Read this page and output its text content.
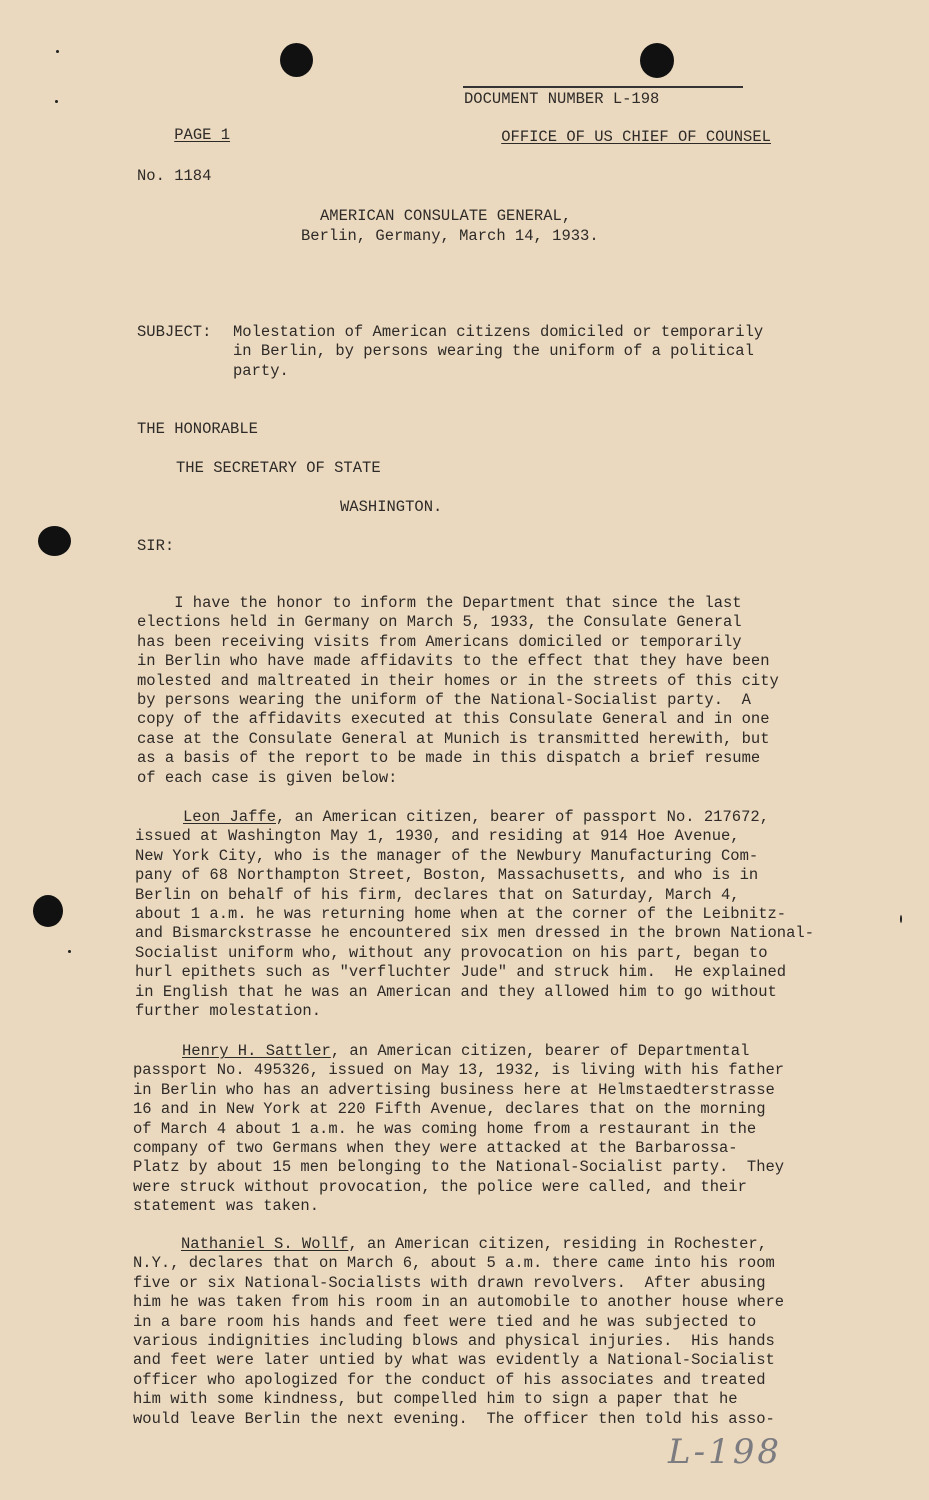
PAGE 1

DOCUMENT NUMBER L-198

OFFICE OF US CHIEF OF COUNSEL

No. 1184

AMERICAN CONSULATE GENERAL,

Berlin, Germany, March 14, 1933.

SUBJECT: Molestation of American citizens domiciled or temporarily

in Berlin, by persons wearing the uniform of a political

party.

THE HONORABLE

THE SECRETARY OF STATE

WASHINGTON.

SIR:

I have the honor to inform the Department that since the last

elections held in Germany on March 5, 1933, the Consulate General

has been receiving visits from Americans domiciled or temporarily

in Berlin who have made affidavits to the effect that they have been

molested and maltreated in their homes or in the streets of this city

by persons wearing the uniform of the National-Socialist party.  A

copy of the affidavits executed at this Consulate General and in one

case at the Consulate General at Munich is transmitted herewith, but

as a basis of the report to be made in this dispatch a brief resume

of each case is given below:

Leon Jaffe, an American citizen, bearer of passport No. 217672,

issued at Washington May 1, 1930, and residing at 914 Hoe Avenue,

New York City, who is the manager of the Newbury Manufacturing Com-

pany of 68 Northampton Street, Boston, Massachusetts, and who is in

Berlin on behalf of his firm, declares that on Saturday, March 4,

about 1 a.m. he was returning home when at the corner of the Leibnitz-

and Bismarckstrasse he encountered six men dressed in the brown National-

Socialist uniform who, without any provocation on his part, began to

hurl epithets such as "verfluchter Jude" and struck him.  He explained

in English that he was an American and they allowed him to go without

further molestation.

Henry H. Sattler, an American citizen, bearer of Departmental

passport No. 495326, issued on May 13, 1932, is living with his father

in Berlin who has an advertising business here at Helmstaedterstrasse

16 and in New York at 220 Fifth Avenue, declares that on the morning

of March 4 about 1 a.m. he was coming home from a restaurant in the

company of two Germans when they were attacked at the Barbarossa-

Platz by about 15 men belonging to the National-Socialist party.  They

were struck without provocation, the police were called, and their

statement was taken.

Nathaniel S. Wollf, an American citizen, residing in Rochester,

N.Y., declares that on March 6, about 5 a.m. there came into his room

five or six National-Socialists with drawn revolvers.  After abusing

him he was taken from his room in an automobile to another house where

in a bare room his hands and feet were tied and he was subjected to

various indignities including blows and physical injuries.  His hands

and feet were later untied by what was evidently a National-Socialist

officer who apologized for the conduct of his associates and treated

him with some kindness, but compelled him to sign a paper that he

would leave Berlin the next evening.  The officer then told his asso-

L-198
